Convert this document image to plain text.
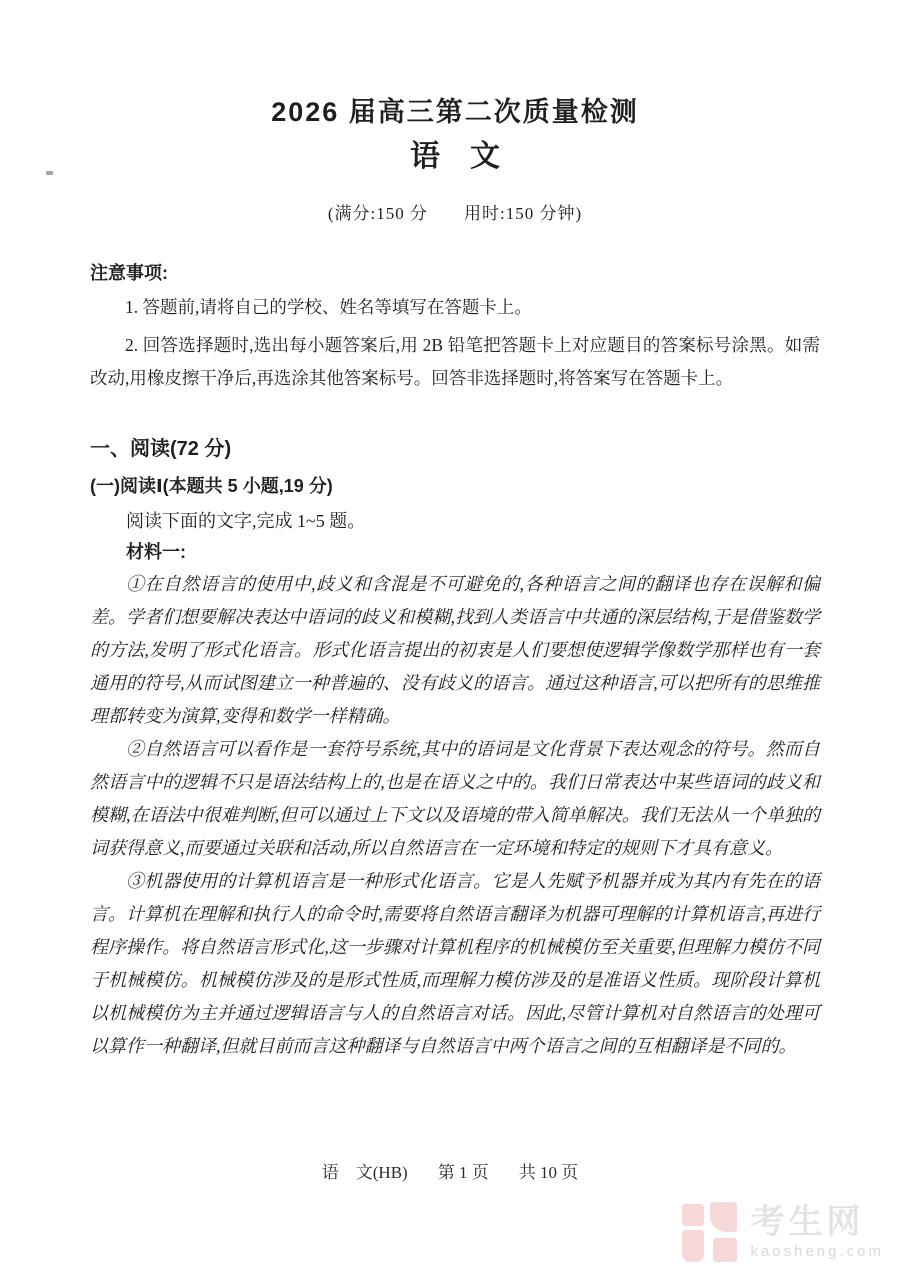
2026 届高三第二次质量检测
语　文

(满分:150 分　　用时:150 分钟)

注意事项:

1. 答题前,请将自己的学校、姓名等填写在答题卡上。

2. 回答选择题时,选出每小题答案后,用 2B 铅笔把答题卡上对应题目的答案标号涂黑。如需改动,用橡皮擦干净后,再选涂其他答案标号。回答非选择题时,将答案写在答题卡上。

一、阅读(72 分)

(一)阅读Ⅰ(本题共 5 小题,19 分)

阅读下面的文字,完成 1~5 题。

材料一:

①在自然语言的使用中,歧义和含混是不可避免的,各种语言之间的翻译也存在误解和偏差。学者们想要解决表达中语词的歧义和模糊,找到人类语言中共通的深层结构,于是借鉴数学的方法,发明了形式化语言。形式化语言提出的初衷是人们要想使逻辑学像数学那样也有一套通用的符号,从而试图建立一种普遍的、没有歧义的语言。通过这种语言,可以把所有的思维推理都转变为演算,变得和数学一样精确。

②自然语言可以看作是一套符号系统,其中的语词是文化背景下表达观念的符号。然而自然语言中的逻辑不只是语法结构上的,也是在语义之中的。我们日常表达中某些语词的歧义和模糊,在语法中很难判断,但可以通过上下文以及语境的带入简单解决。我们无法从一个单独的词获得意义,而要通过关联和活动,所以自然语言在一定环境和特定的规则下才具有意义。

③机器使用的计算机语言是一种形式化语言。它是人先赋予机器并成为其内有先在的语言。计算机在理解和执行人的命令时,需要将自然语言翻译为机器可理解的计算机语言,再进行程序操作。将自然语言形式化,这一步骤对计算机程序的机械模仿至关重要,但理解力模仿不同于机械模仿。机械模仿涉及的是形式性质,而理解力模仿涉及的是准语义性质。现阶段计算机以机械模仿为主并通过逻辑语言与人的自然语言对话。因此,尽管计算机对自然语言的处理可以算作一种翻译,但就目前而言这种翻译与自然语言中两个语言之间的互相翻译是不同的。

语　文(HB) 第 1 页 共 10 页
考生网
kaosheng.com
